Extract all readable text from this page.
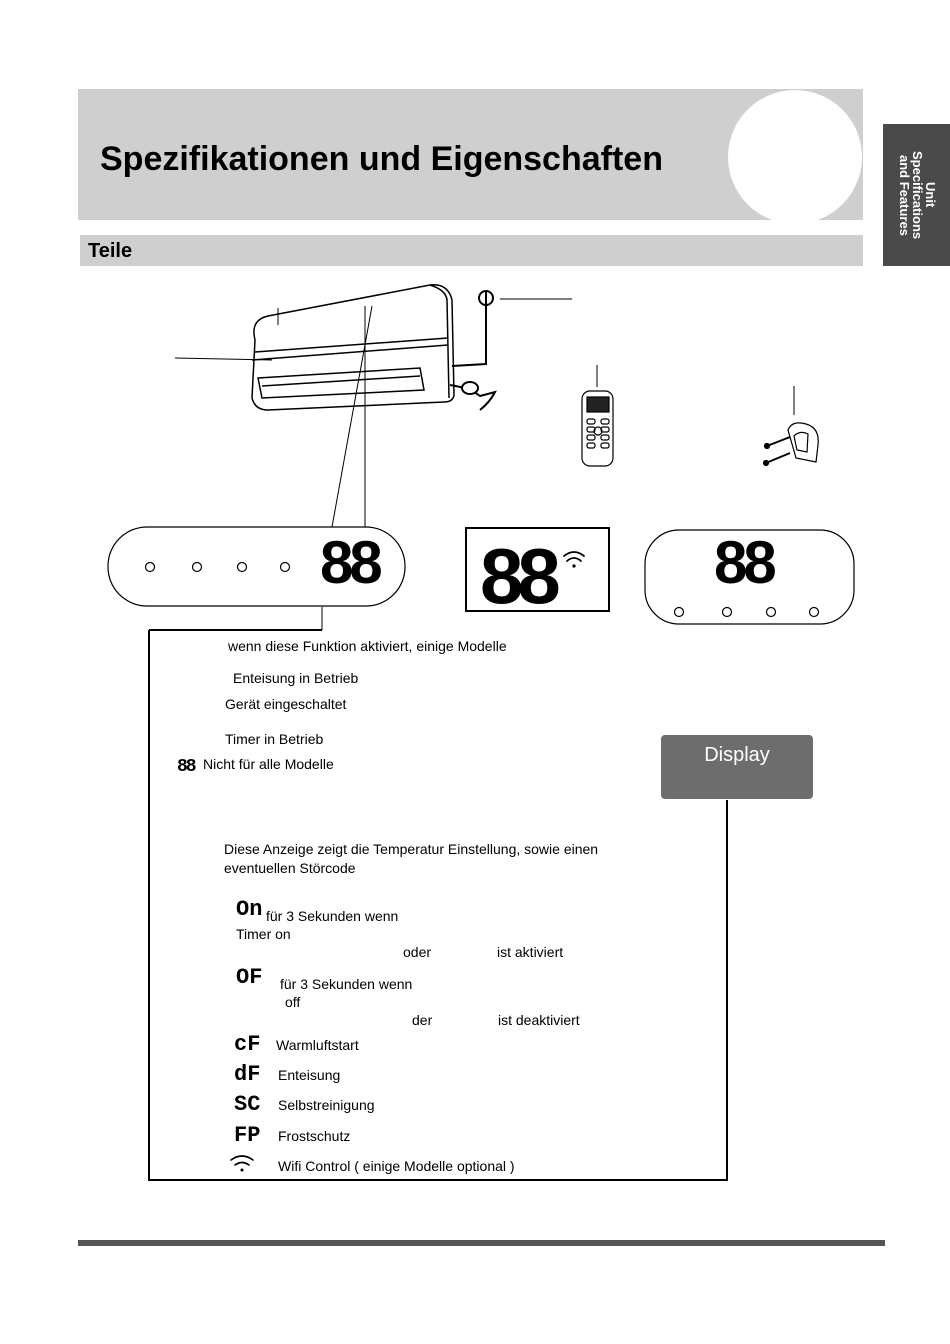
Spezifikationen und Eigenschaften
Unit
Specifications
and Features
Teile
88 88	88
Display
wenn diese Funktion aktiviert, einige Modelle
Enteisung in Betrieb
Gerät eingeschaltet
Timer in Betrieb
88 Nicht für alle Modelle
Diese Anzeige zeigt die Temperatur Einstellung, sowie einen
eventuellen Störcode
On für 3 Sekunden wenn
Timer on
oder	ist aktiviert
OF für 3 Sekunden wenn
off
der	ist deaktiviert
cF Warmluftstart
dF Enteisung
SC Selbstreinigung
FP Frostschutz
Wifi Control ( einige Modelle optional )
